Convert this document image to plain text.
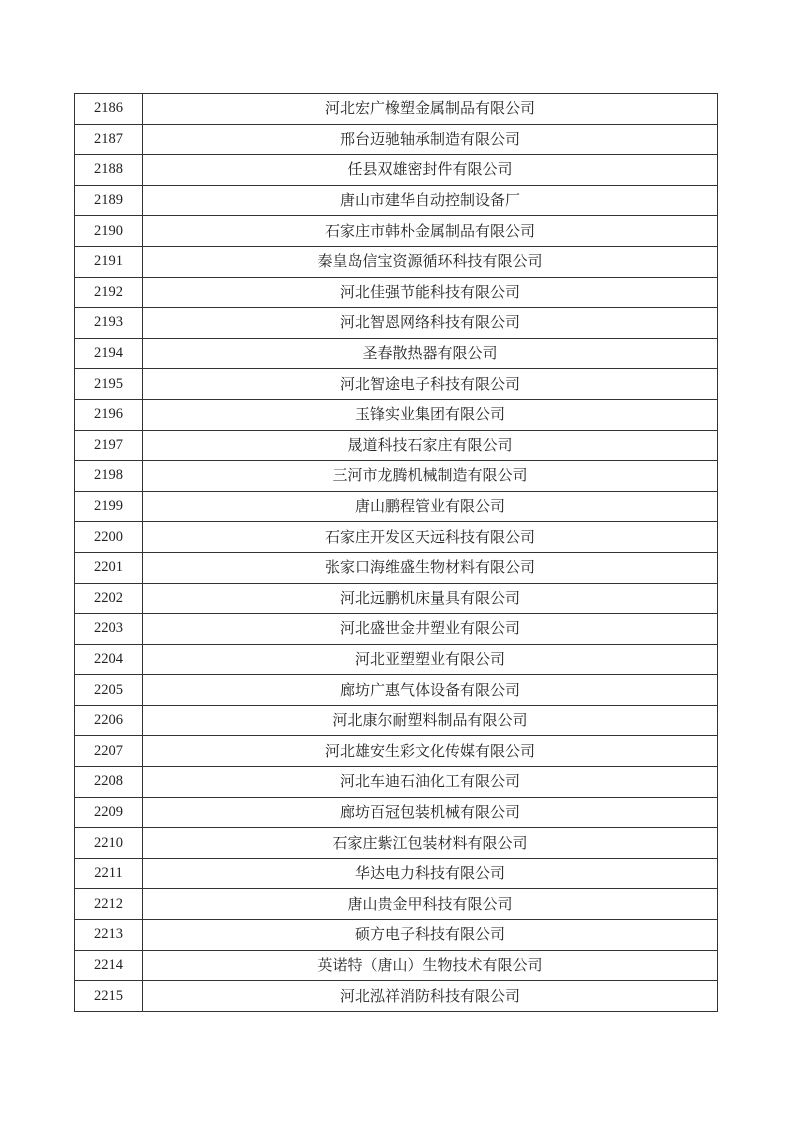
2186	河北宏广橡塑金属制品有限公司
2187	邢台迈驰轴承制造有限公司
2188	任县双雄密封件有限公司
2189	唐山市建华自动控制设备厂
2190	石家庄市韩朴金属制品有限公司
2191	秦皇岛信宝资源循环科技有限公司
2192	河北佳强节能科技有限公司
2193	河北智恩网络科技有限公司
2194	圣春散热器有限公司
2195	河北智途电子科技有限公司
2196	玉锋实业集团有限公司
2197	晟道科技石家庄有限公司
2198	三河市龙腾机械制造有限公司
2199	唐山鹏程管业有限公司
2200	石家庄开发区天远科技有限公司
2201	张家口海维盛生物材料有限公司
2202	河北远鹏机床量具有限公司
2203	河北盛世金井塑业有限公司
2204	河北亚塑塑业有限公司
2205	廊坊广惠气体设备有限公司
2206	河北康尔耐塑料制品有限公司
2207	河北雄安生彩文化传媒有限公司
2208	河北车迪石油化工有限公司
2209	廊坊百冠包装机械有限公司
2210	石家庄紫江包装材料有限公司
2211	华达电力科技有限公司
2212	唐山贵金甲科技有限公司
2213	硕方电子科技有限公司
2214	英诺特（唐山）生物技术有限公司
2215	河北泓祥消防科技有限公司
